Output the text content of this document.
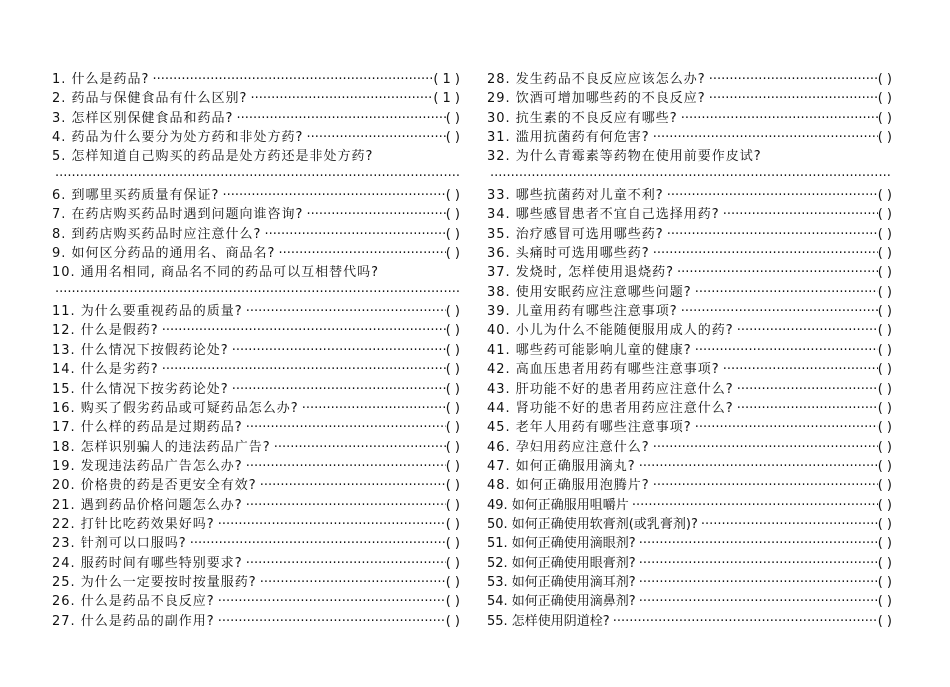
1. 什么是药品? ·····	( 1 )
2. 药品与保健食品有什么区别? ·····	( 1 )
3. 怎样区别保健食品和药品? ·····	( )
4. 药品为什么要分为处方药和非处方药? ·····	( )
5. 怎样知道自己购买的药品是处方药还是非处方药?
·····
6. 到哪里买药质量有保证? ·····	( )
7. 在药店购买药品时遇到问题向谁咨询? ·····	( )
8. 到药店购买药品时应注意什么? ·····	( )
9. 如何区分药品的通用名、商品名? ·····	( )
10. 通用名相同, 商品名不同的药品可以互相替代吗?
·····
11. 为什么要重视药品的质量? ·····	( )
12. 什么是假药? ·····	( )
13. 什么情况下按假药论处? ·····	( )
14. 什么是劣药? ·····	( )
15. 什么情况下按劣药论处? ·····	( )
16. 购买了假劣药品或可疑药品怎么办? ·····	( )
17. 什么样的药品是过期药品? ·····	( )
18. 怎样识别骗人的违法药品广告? ·····	( )
19. 发现违法药品广告怎么办? ·····	( )
20. 价格贵的药是否更安全有效? ·····	( )
21. 遇到药品价格问题怎么办? ·····	( )
22. 打针比吃药效果好吗? ·····	( )
23. 针剂可以口服吗? ·····	( )
24. 服药时间有哪些特别要求? ·····	( )
25. 为什么一定要按时按量服药? ·····	( )
26. 什么是药品不良反应? ·····	( )
27. 什么是药品的副作用? ·····	( )
28. 发生药品不良反应应该怎么办? ·····	( )
29. 饮酒可增加哪些药的不良反应? ·····	( )
30. 抗生素的不良反应有哪些? ·····	( )
31. 滥用抗菌药有何危害? ·····	( )
32. 为什么青霉素等药物在使用前要作皮试?
·····
33. 哪些抗菌药对儿童不利? ·····	( )
34. 哪些感冒患者不宜自己选择用药? ·····	( )
35. 治疗感冒可选用哪些药? ·····	( )
36. 头痛时可选用哪些药? ·····	( )
37. 发烧时, 怎样使用退烧药? ·····	( )
38. 使用安眠药应注意哪些问题? ·····	( )
39. 儿童用药有哪些注意事项? ·····	( )
40. 小儿为什么不能随便服用成人的药? ·····	( )
41. 哪些药可能影响儿童的健康? ·····	( )
42. 高血压患者用药有哪些注意事项? ·····	( )
43. 肝功能不好的患者用药应注意什么? ·····	( )
44. 肾功能不好的患者用药应注意什么? ·····	( )
45. 老年人用药有哪些注意事项? ·····	( )
46. 孕妇用药应注意什么? ·····	( )
47. 如何正确服用滴丸? ·····	( )
48. 如何正确服用泡腾片? ·····	( )
49. 如何正确服用咀嚼片 ·····	( )
50. 如何正确使用软膏剂(或乳膏剂)? ·····	( )
51. 如何正确使用滴眼剂? ·····	( )
52. 如何正确使用眼膏剂? ·····	( )
53. 如何正确使用滴耳剂? ·····	( )
54. 如何正确使用滴鼻剂? ·····	( )
55. 怎样使用阴道栓? ·····	( )
